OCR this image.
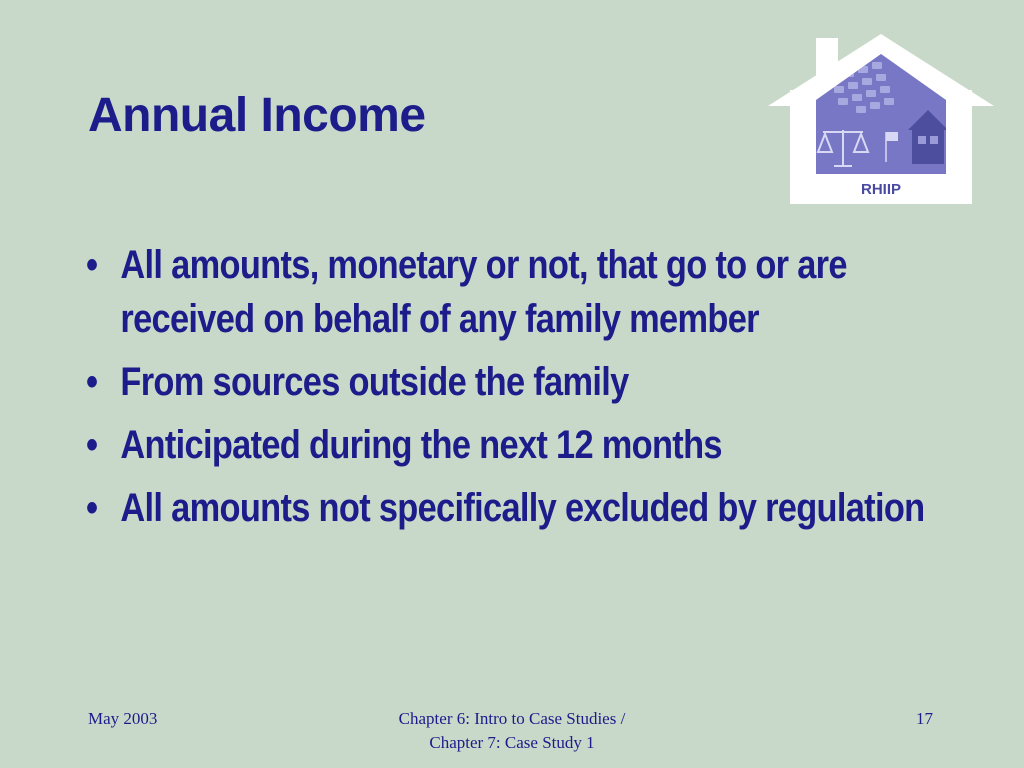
Annual Income
RHIIP
• All amounts, monetary or not, that go to or are received on behalf of any family member
• From sources outside the family
• Anticipated during the next 12 months
• All amounts not specifically excluded by regulation
May 2003	Chapter 6: Intro to Case Studies /
Chapter 7: Case Study 1
17
